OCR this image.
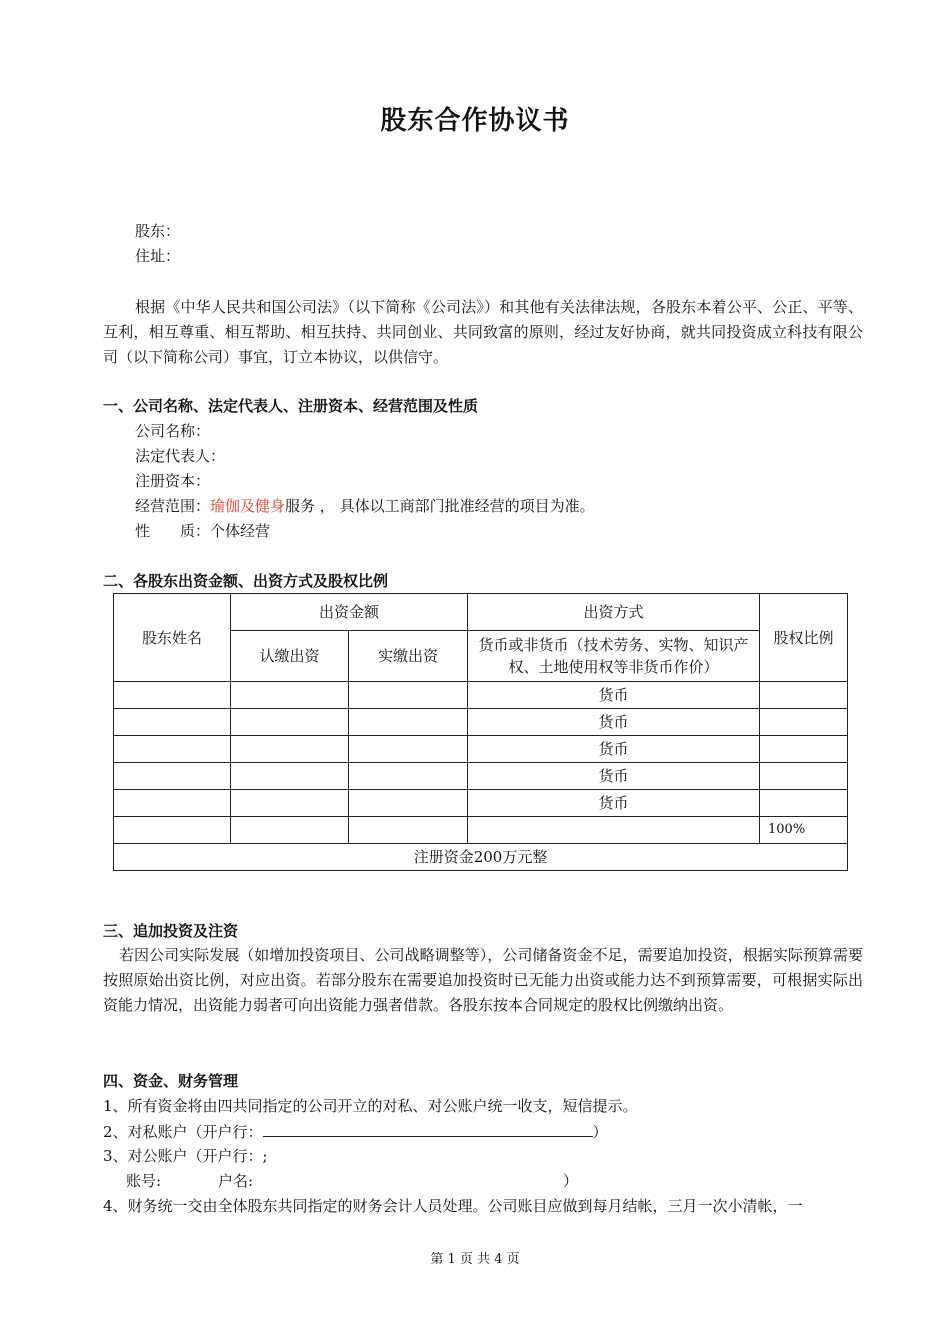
股东合作协议书
股东：
住址：
根据《中华人民共和国公司法》（以下简称《公司法》）和其他有关法律法规，各股东本着公平、公正、平等、互利，相互尊重、相互帮助、相互扶持、共同创业、共同致富的原则，经过友好协商，就共同投资成立科技有限公司（以下简称公司）事宜，订立本协议，以供信守。
一、公司名称、法定代表人、注册资本、经营范围及性质
公司名称：
法定代表人：
注册资本：
经营范围：瑜伽及健身服务 ， 具体以工商部门批准经营的项目为准。
性　　质：个体经营
二、各股东出资金额、出资方式及股权比例
股东姓名	出资金额		出资方式	股权比例
	认缴出资	实缴出资	货币或非货币（技术劳务、实物、知识产权、土地使用权等非货币作价）	
			货币	
			货币	
			货币	
			货币	
			货币	
				100%
注册资金200万元整				
三、追加投资及注资
若因公司实际发展（如增加投资项目、公司战略调整等），公司储备资金不足，需要追加投资，根据实际预算需要按照原始出资比例，对应出资。若部分股东在需要追加投资时已无能力出资或能力达不到预算需要，可根据实际出资能力情况，出资能力弱者可向出资能力强者借款。各股东按本合同规定的股权比例缴纳出资。
四、资金、财务管理
1、所有资金将由四共同指定的公司开立的对私、对公账户统一收支，短信提示。
2、对私账户（开户行：	）
3、对公账户（开户行：;
账号:	户名:	）
4、财务统一交由全体股东共同指定的财务会计人员处理。公司账目应做到每月结帐，三月一次小清帐，一
第 1 页 共 4 页
